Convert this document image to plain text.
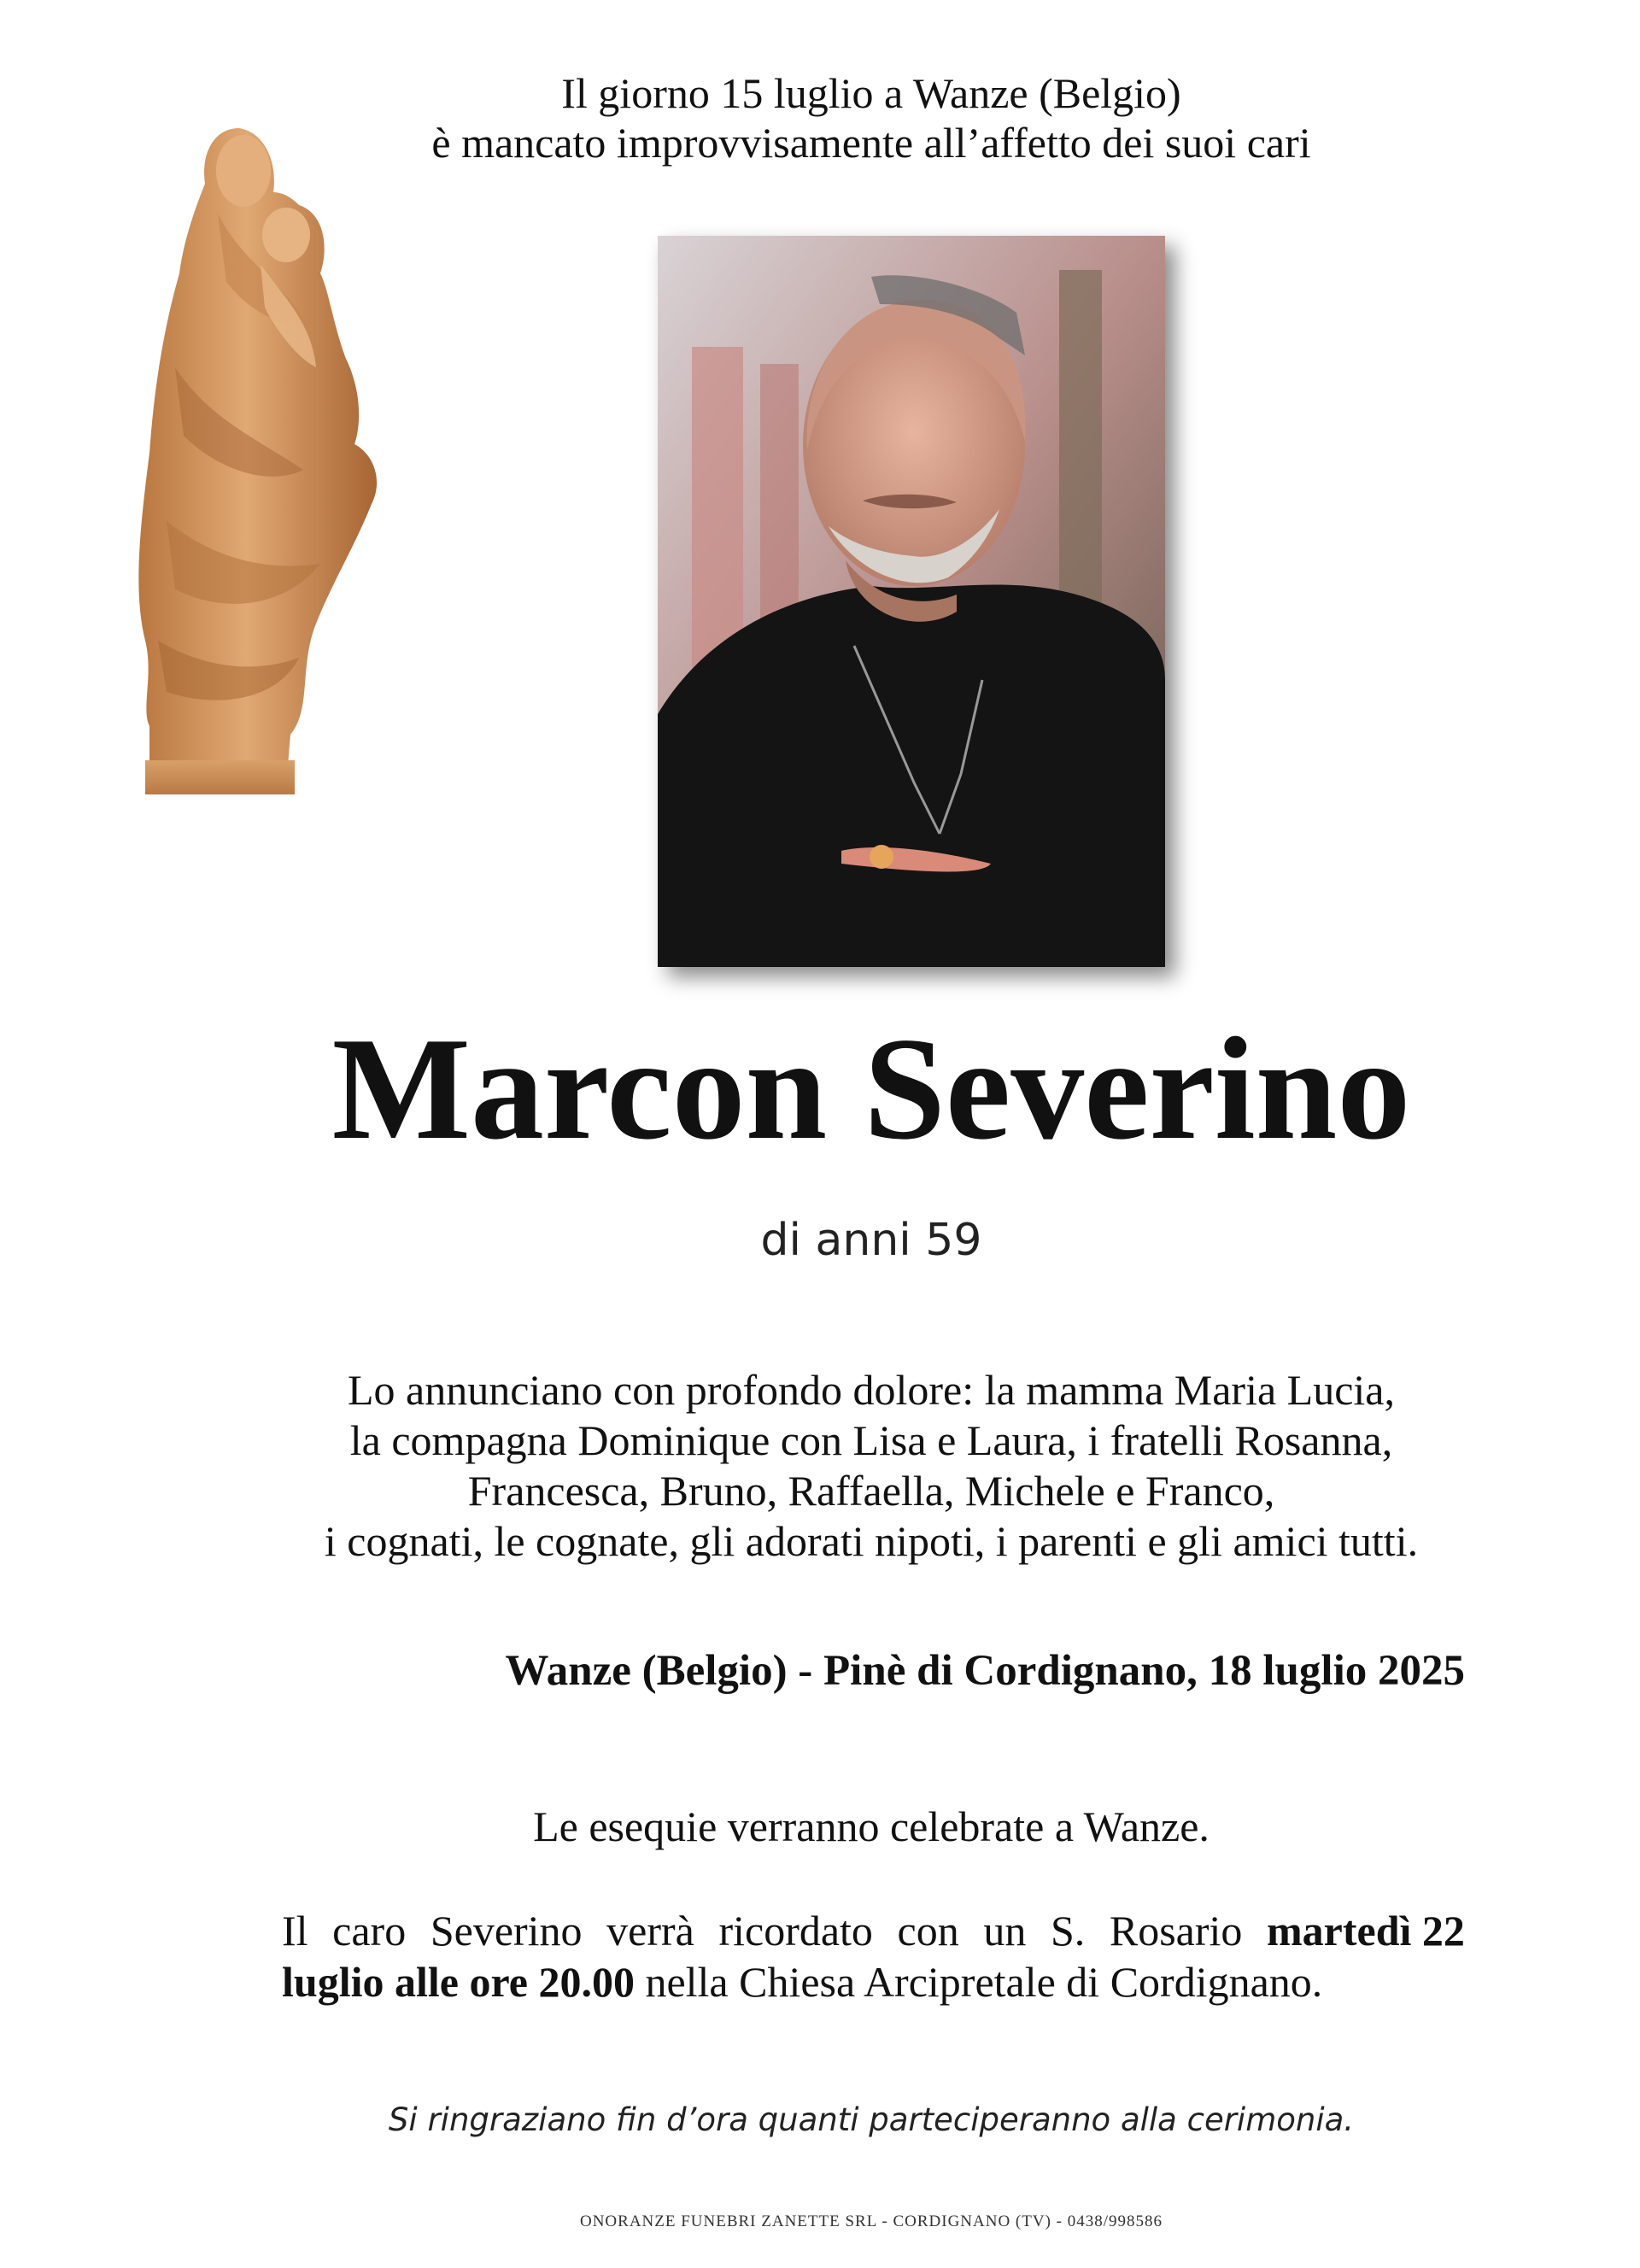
Il giorno 15 luglio a Wanze (Belgio)
è mancato improvvisamente all’affetto dei suoi cari
Marcon Severino
di anni 59
Lo annunciano con profondo dolore: la mamma Maria Lucia,
la compagna Dominique con Lisa e Laura, i fratelli Rosanna,
Francesca, Bruno, Raffaella, Michele e Franco,
i cognati, le cognate, gli adorati nipoti, i parenti e gli amici tutti.
Wanze (Belgio) - Pinè di Cordignano, 18 luglio 2025
Le esequie verranno celebrate a Wanze.
Il caro Severino verrà ricordato con un S. Rosario martedì 22
luglio alle ore 20.00 nella Chiesa Arcipretale di Cordignano.
Si ringraziano fin d’ora quanti parteciperanno alla cerimonia.
ONORANZE FUNEBRI ZANETTE SRL - CORDIGNANO (TV) - 0438/998586
